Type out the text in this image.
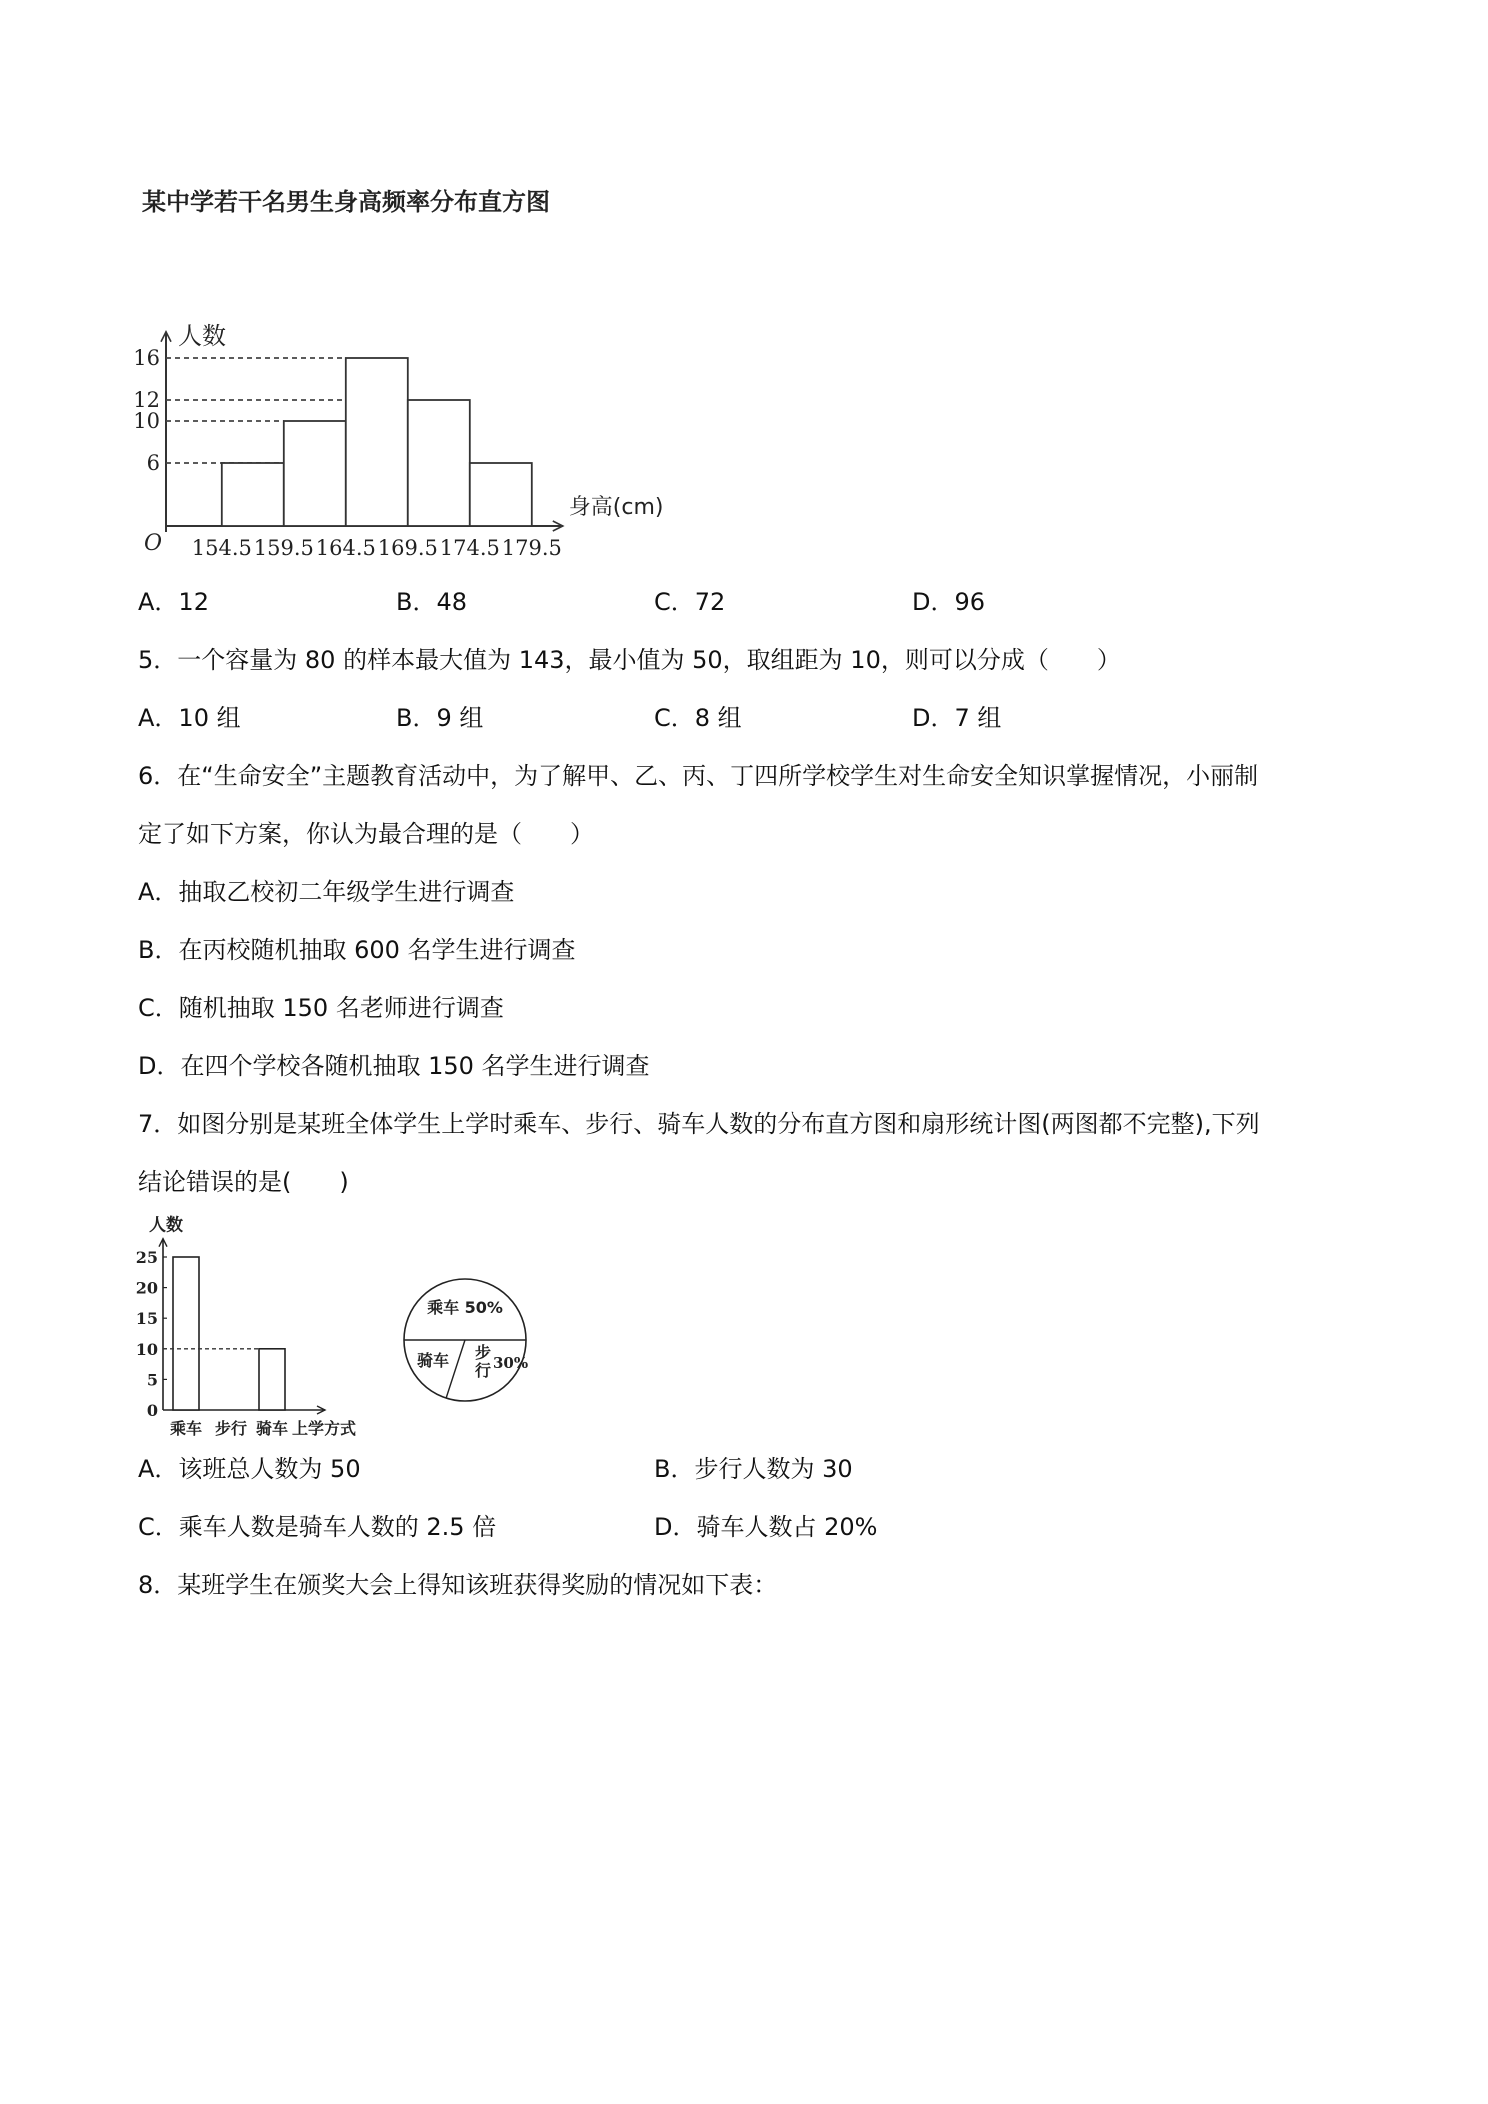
某中学若干名男生身高频率分布直方图
6
10
12
16
154.5 159.5 164.5 169.5 174.5 179.5
O
人数
身高(cm)
A．12	B．48	C．72	D．96
5．一个容量为 80 的样本最大值为 143，最小值为 50，取组距为 10，则可以分成（　　）
A．10 组	B．9 组	C．8 组	D．7 组
6．在“生命安全”主题教育活动中，为了解甲、乙、丙、丁四所学校学生对生命安全知识掌握情况，小丽制
定了如下方案，你认为最合理的是（　　）
A．抽取乙校初二年级学生进行调查
B．在丙校随机抽取 600 名学生进行调查
C．随机抽取 150 名老师进行调查
D．在四个学校各随机抽取 150 名学生进行调查
7．如图分别是某班全体学生上学时乘车、步行、骑车人数的分布直方图和扇形统计图(两图都不完整),下列
结论错误的是(　　)
0
5
10
15
20
25
乘车 步行 骑车 上学方式
人数
乘车 50%
步
行 30%
骑车
A．该班总人数为 50	B．步行人数为 30
C．乘车人数是骑车人数的 2.5 倍	D．骑车人数占 20%
8．某班学生在颁奖大会上得知该班获得奖励的情况如下表：
